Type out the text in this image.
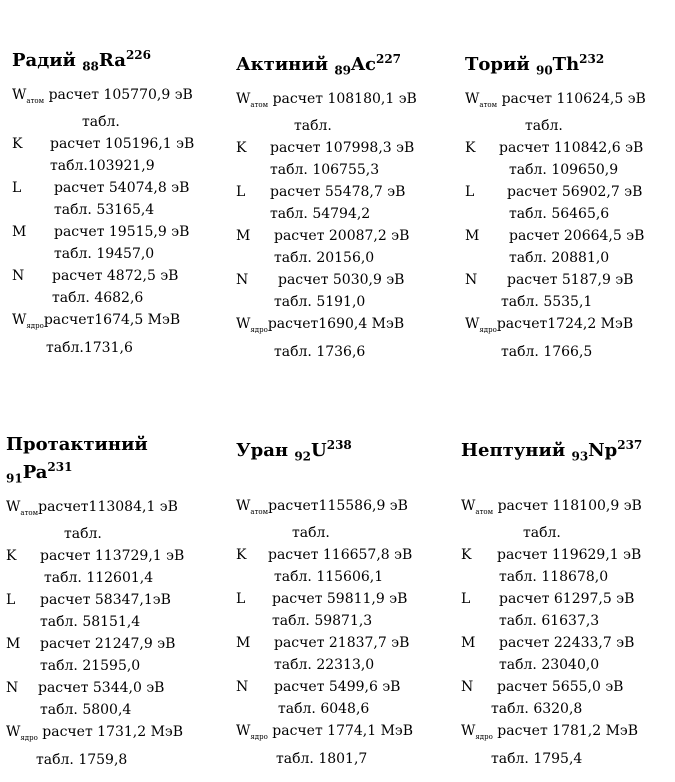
Радий $_{88}Ra^{226}$
$W_{атом}$ расчет 105770,9 эВ
табл.
K расчет 105196,1 эВ
табл.103921,9
L расчет 54074,8 эВ
табл. 53165,4
M расчет 19515,9 эВ
табл. 19457,0
N расчет 4872,5 эВ
табл. 4682,6
$W_{ядро}расчет1674,5$ МэВ
табл.1731,6
Актиний $_{89}Ac^{227}$
$W_{атом}$ расчет 108180,1 эВ
табл.
K расчет 107998,3 эВ
табл. 106755,3
L расчет 55478,7 эВ
табл. 54794,2
M расчет 20087,2 эВ
табл. 20156,0
N расчет 5030,9 эВ
табл. 5191,0
$W_{ядро}расчет1690,4$ МэВ
табл. 1736,6
Торий $_{90}Th^{232}$
$W_{атом}$ расчет 110624,5 эВ
табл.
K расчет 110842,6 эВ
табл. 109650,9
L расчет 56902,7 эВ
табл. 56465,6
M расчет 20664,5 эВ
табл. 20881,0
N расчет 5187,9 эВ
табл. 5535,1
$W_{ядро}расчет1724,2$ МэВ
табл. 1766,5
Протактиний
$_{91}Pa^{231}$
$W_{атом}расчет113084,1$ эВ
табл.
K расчет 113729,1 эВ
табл. 112601,4
L расчет 58347,1эВ
табл. 58151,4
M расчет 21247,9 эВ
табл. 21595,0
N расчет 5344,0 эВ
табл. 5800,4
$W_{ядро}$ расчет 1731,2 МэВ
табл. 1759,8
Уран $_{92}U^{238}$
$W_{атом}расчет115586,9$ эВ
табл.
K расчет 116657,8 эВ
табл. 115606,1
L расчет 59811,9 эВ
табл. 59871,3
M расчет 21837,7 эВ
табл. 22313,0
N расчет 5499,6 эВ
табл. 6048,6
$W_{ядро}$ расчет 1774,1 МэВ
табл. 1801,7
Нептуний $_{93}Np^{237}$
$W_{атом}$ расчет 118100,9 эВ
табл.
K расчет 119629,1 эВ
табл. 118678,0
L расчет 61297,5 эВ
табл. 61637,3
M расчет 22433,7 эВ
табл. 23040,0
N расчет 5655,0 эВ
табл. 6320,8
$W_{ядро}$ расчет 1781,2 МэВ
табл. 1795,4
